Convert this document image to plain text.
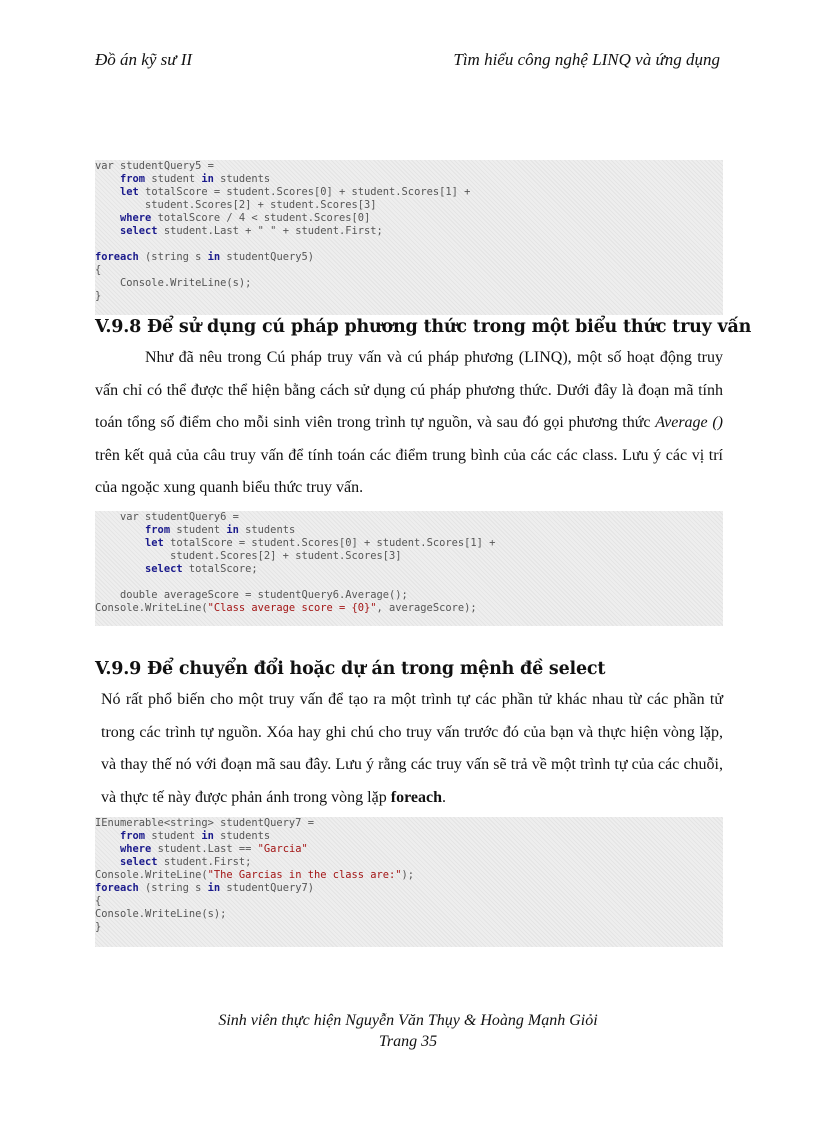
Đồ án kỹ sư II	Tìm hiểu công nghệ LINQ và ứng dụng
var studentQuery5 =
from student in students
let totalScore = student.Scores[0] + student.Scores[1] +
student.Scores[2] + student.Scores[3]
where totalScore / 4 < student.Scores[0]
select student.Last + " " + student.First;
foreach (string s in studentQuery5)
{
Console.WriteLine(s);
}
V.9.8 Để sử dụng cú pháp phương thức trong một biểu thức truy vấn

Như đã nêu trong Cú pháp truy vấn và cú pháp phương (LINQ), một số hoạt động truy vấn chỉ có thể được thể hiện bằng cách sử dụng cú pháp phương thức. Dưới đây là đoạn mã tính toán tổng số điểm cho mỗi sinh viên trong trình tự nguồn, và sau đó gọi phương thức Average () trên kết quả của câu truy vấn để tính toán các điểm trung bình của các các class. Lưu ý các vị trí của ngoặc xung quanh biểu thức truy vấn.

var studentQuery6 =
from student in students
let totalScore = student.Scores[0] + student.Scores[1] +
student.Scores[2] + student.Scores[3]
select totalScore;
double averageScore = studentQuery6.Average();
Console.WriteLine("Class average score = {0}", averageScore);
V.9.9 Để chuyển đổi hoặc dự án trong mệnh đề select

Nó rất phổ biến cho một truy vấn để tạo ra một trình tự các phần tử khác nhau từ các phần tử trong các trình tự nguồn. Xóa hay ghi chú cho truy vấn trước đó của bạn và thực hiện vòng lặp, và thay thế nó với đoạn mã sau đây. Lưu ý rằng các truy vấn sẽ trả về một trình tự của các chuỗi, và thực tế này được phản ánh trong vòng lặp foreach.

IEnumerable<string> studentQuery7 =
from student in students
where student.Last == "Garcia"
select student.First;
Console.WriteLine("The Garcias in the class are:");
foreach (string s in studentQuery7)
{
Console.WriteLine(s);
}
Sinh viên thực hiện Nguyễn Văn Thụy & Hoàng Mạnh Giỏi
Trang 35
